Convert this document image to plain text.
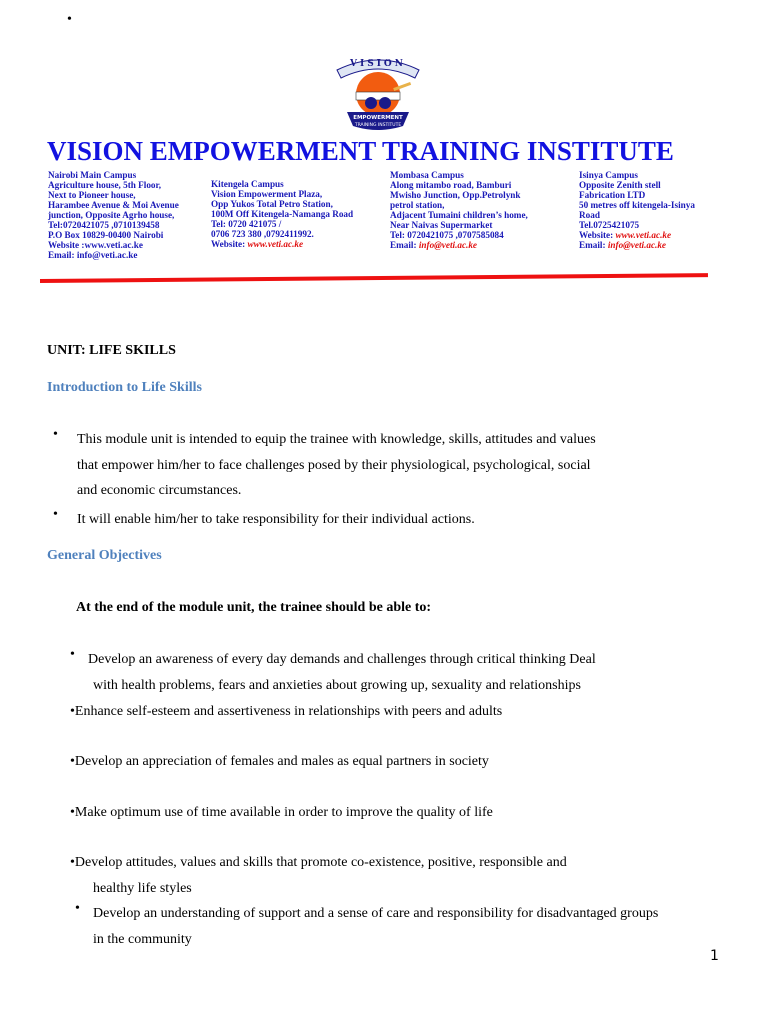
•
VISION
EMPOWERMENT
TRAINING INSTITUTE
VISION EMPOWERMENT TRAINING INSTITUTE
Nairobi Main Campus
Agriculture house, 5th Floor,
Next to Pioneer house,
Harambee Avenue & Moi Avenue
junction, Opposite Agrho house,
Tel:0720421075 ,0710139458
P.O Box 10829-00400 Nairobi
Website :www.veti.ac.ke
Email: info@veti.ac.ke
Kitengela Campus
Vision Empowerment Plaza,
Opp Yukos Total Petro Station,
100M Off Kitengela-Namanga Road
Tel: 0720 421075 /
0706 723 380 ,0792411992.
Website: www.veti.ac.ke
Mombasa Campus
Along mitambo road, Bamburi
Mwisho Junction, Opp.Petrolynk
petrol station,
Adjacent Tumaini children’s home,
Near Naivas Supermarket
Tel: 0720421075 ,0707585084
Email: info@veti.ac.ke
Isinya Campus
Opposite Zenith stell
Fabrication LTD
50 metres off kitengela-Isinya
Road
Tel.0725421075
Website: www.veti.ac.ke
Email: info@veti.ac.ke
UNIT: LIFE SKILLS
Introduction to Life Skills
• This module unit is intended to equip the trainee with knowledge, skills, attitudes and values
that empower him/her to face challenges posed by their physiological, psychological, social
and economic circumstances.
• It will enable him/her to take responsibility for their individual actions.
General Objectives
At the end of the module unit, the trainee should be able to:
• Develop an awareness of every day demands and challenges through critical thinking Deal
with health problems, fears and anxieties about growing up, sexuality and relationships
•Enhance self-esteem and assertiveness in relationships with peers and adults
•Develop an appreciation of females and males as equal partners in society
•Make optimum use of time available in order to improve the quality of life
•Develop attitudes, values and skills that promote co-existence, positive, responsible and
healthy life styles
• Develop an understanding of support and a sense of care and responsibility for disadvantaged groups
in the community
1
